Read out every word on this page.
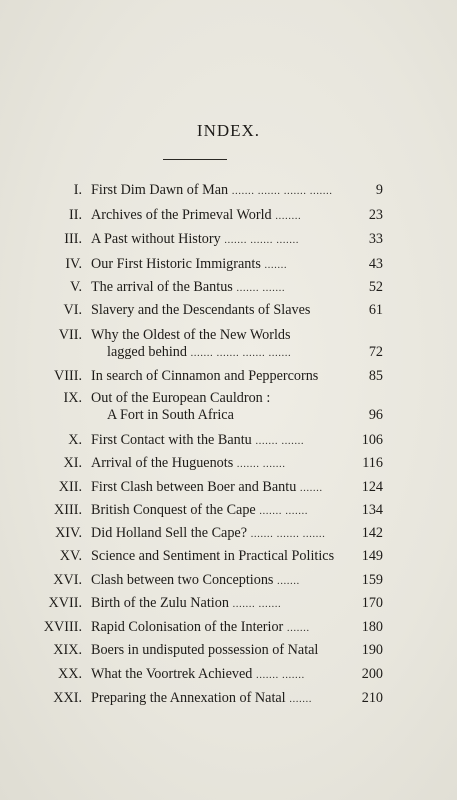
INDEX.
I. First Dim Dawn of Man ....... ....... ....... .......	9
II. Archives of the Primeval World ........	23
III. A Past without History ....... ....... .......	33
IV. Our First Historic Immigrants .......	43
V. The arrival of the Bantus ....... .......	52
VI. Slavery and the Descendants of Slaves	61
VII. Why the Oldest of the New Worlds
lagged behind ....... ....... ....... .......	72
VIII. In search of Cinnamon and Peppercorns	85
IX. Out of the European Cauldron :
A Fort in South Africa	96
X. First Contact with the Bantu ....... .......	106
XI. Arrival of the Huguenots ....... .......	116
XII. First Clash between Boer and Bantu .......	124
XIII. British Conquest of the Cape ....... .......	134
XIV. Did Holland Sell the Cape? ....... ....... .......	142
XV. Science and Sentiment in Practical Politics	149
XVI. Clash between two Conceptions .......	159
XVII. Birth of the Zulu Nation ....... .......	170
XVIII. Rapid Colonisation of the Interior .......	180
XIX. Boers in undisputed possession of Natal	190
XX. What the Voortrek Achieved ....... .......	200
XXI. Preparing the Annexation of Natal .......	210
